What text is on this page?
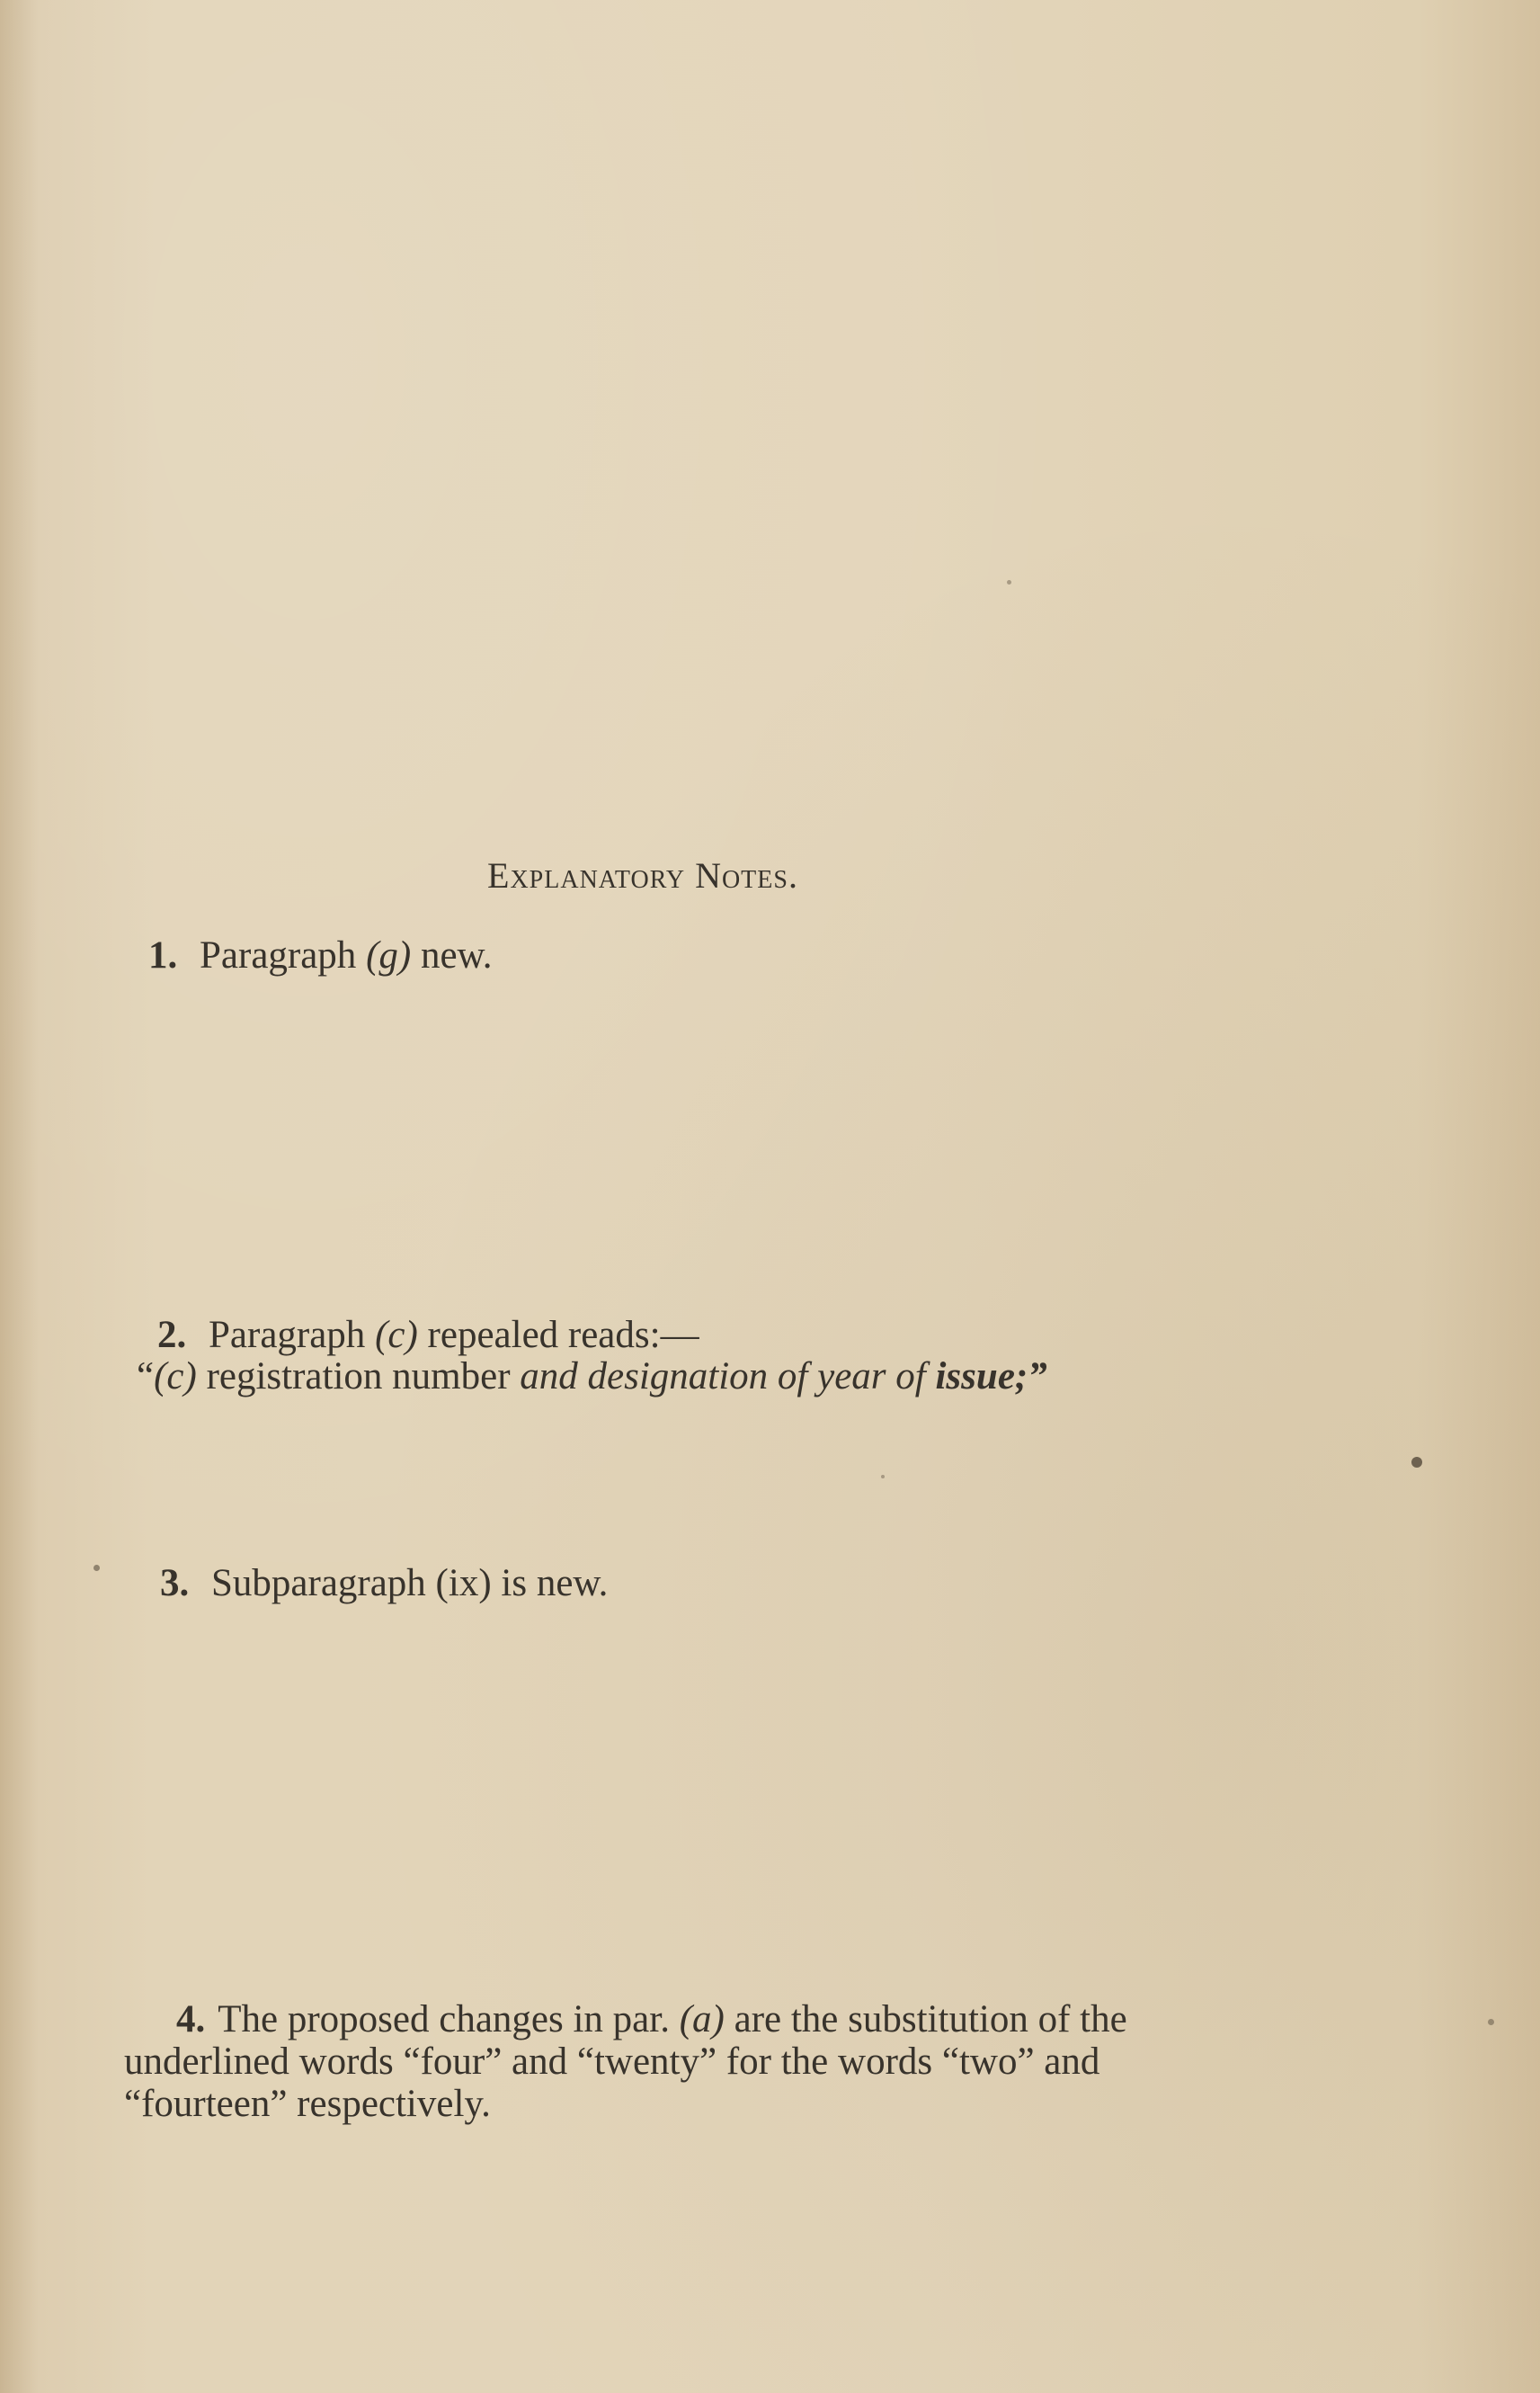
Explanatory Notes.
1. Paragraph (g) new.
2. Paragraph (c) repealed reads:—
“(c) registration number and designation of year of issue;”
3. Subparagraph (ix) is new.
4. The proposed changes in par. (a) are the substitution of the underlined words “four” and “twenty” for the words “two” and “fourteen” respectively.
